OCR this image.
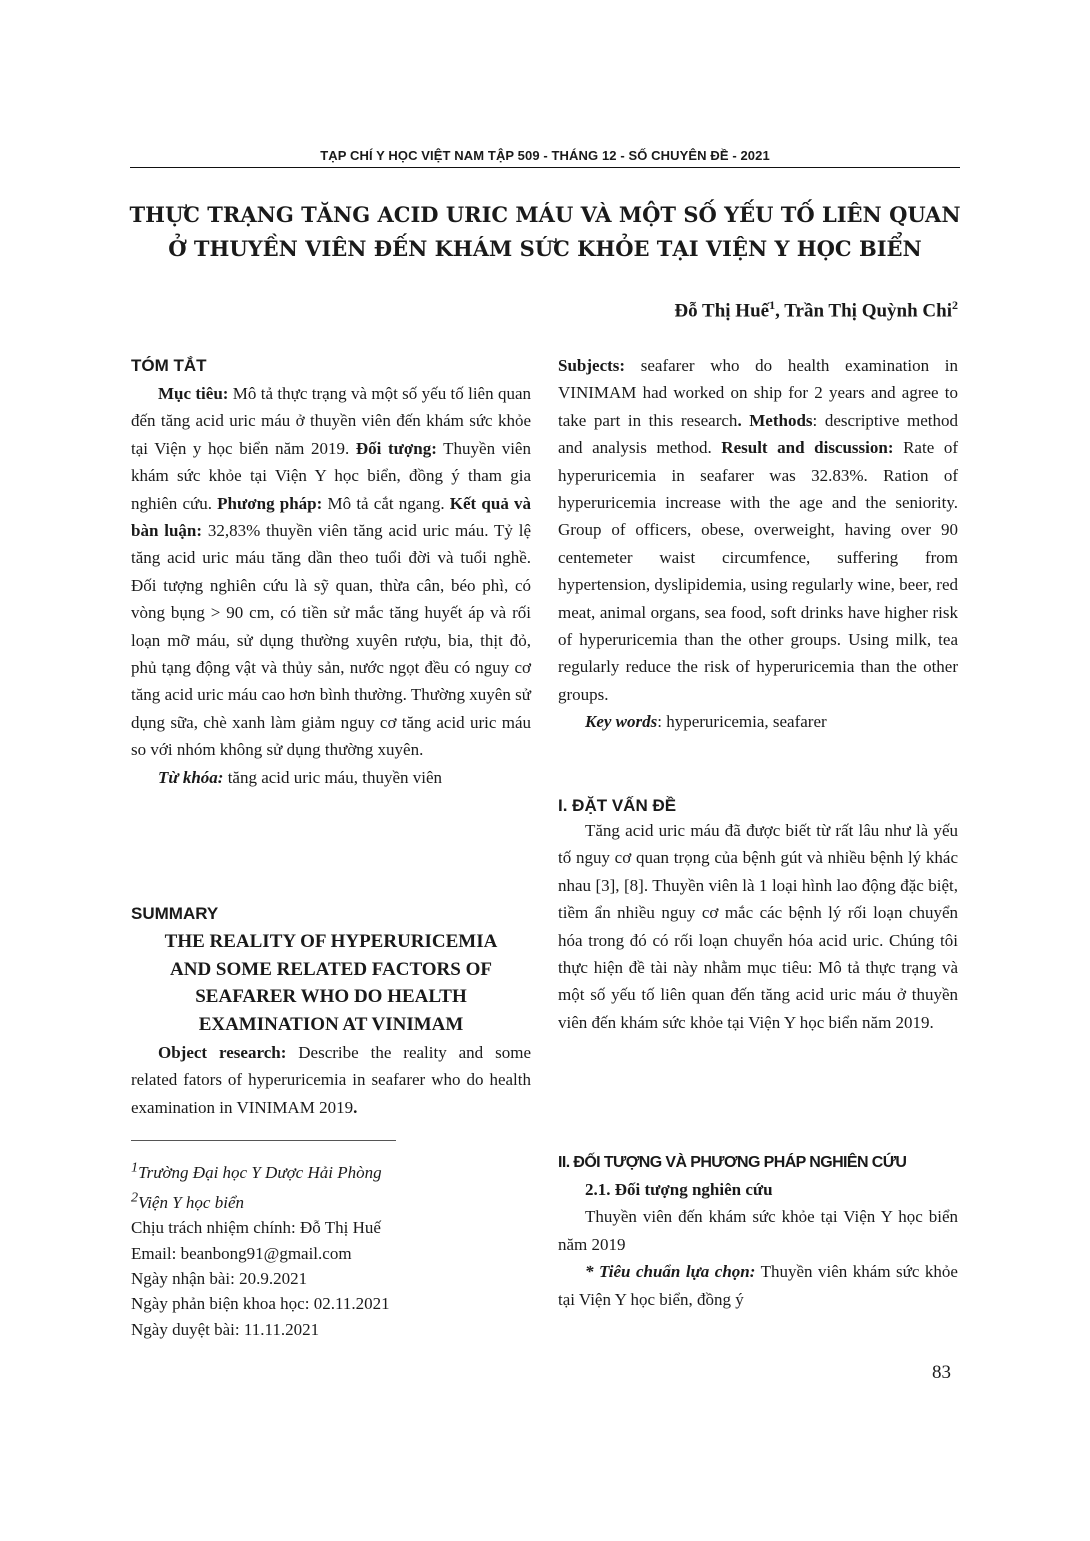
TẠP CHÍ Y HỌC VIỆT NAM TẬP 509 - THÁNG 12 - SỐ CHUYÊN ĐỀ - 2021
THỰC TRẠNG TĂNG ACID URIC MÁU VÀ MỘT SỐ YẾU TỐ LIÊN QUAN
Ở THUYỀN VIÊN ĐẾN KHÁM SỨC KHỎE TẠI VIỆN Y HỌC BIỂN
Đỗ Thị Huế$^1$, Trần Thị Quỳnh Chi$^2$
TÓM TẮT

Mục tiêu: Mô tả thực trạng và một số yếu tố liên quan đến tăng acid uric máu ở thuyền viên đến khám sức khỏe tại Viện y học biển năm 2019. Đối tượng: Thuyền viên khám sức khỏe tại Viện Y học biển, đồng ý tham gia nghiên cứu. Phương pháp: Mô tả cắt ngang. Kết quả và bàn luận: 32,83% thuyền viên tăng acid uric máu. Tỷ lệ tăng acid uric máu tăng dần theo tuổi đời và tuổi nghề. Đối tượng nghiên cứu là sỹ quan, thừa cân, béo phì, có vòng bụng > 90 cm, có tiền sử mắc tăng huyết áp và rối loạn mỡ máu, sử dụng thường xuyên rượu, bia, thịt đỏ, phủ tạng động vật và thủy sản, nước ngọt đều có nguy cơ tăng acid uric máu cao hơn bình thường. Thường xuyên sử dụng sữa, chè xanh làm giảm nguy cơ tăng acid uric máu so với nhóm không sử dụng thường xuyên.

Từ khóa: tăng acid uric máu, thuyền viên

SUMMARY
THE REALITY OF HYPERURICEMIA
AND SOME RELATED FACTORS OF
SEAFARER WHO DO HEALTH
EXAMINATION AT VINIMAM

Object research: Describe the reality and some related fators of hyperuricemia in seafarer who do health examination in VINIMAM 2019.

$^1$Trường Đại học Y Dược Hải Phòng
$^2$Viện Y học biển
Chịu trách nhiệm chính: Đỗ Thị Huế
Email: beanbong91@gmail.com
Ngày nhận bài: 20.9.2021
Ngày phản biện khoa học: 02.11.2021
Ngày duyệt bài: 11.11.2021

Subjects: seafarer who do health examination in VINIMAM had worked on ship for 2 years and agree to take part in this research. Methods: descriptive method and analysis method. Result and discussion: Rate of hyperuricemia in seafarer was 32.83%. Ration of hyperuricemia increase with the age and the seniority. Group of officers, obese, overweight, having over 90 centemeter waist circumfence, suffering from hypertension, dyslipidemia, using regularly wine, beer, red meat, animal organs, sea food, soft drinks have higher risk of hyperuricemia than the other groups. Using milk, tea regularly reduce the risk of hyperuricemia than the other groups.

Key words: hyperuricemia, seafarer

I. ĐẶT VẤN ĐỀ

Tăng acid uric máu đã được biết từ rất lâu như là yếu tố nguy cơ quan trọng của bệnh gút và nhiều bệnh lý khác nhau [3], [8]. Thuyền viên là 1 loại hình lao động đặc biệt, tiềm ẩn nhiều nguy cơ mắc các bệnh lý rối loạn chuyển hóa trong đó có rối loạn chuyển hóa acid uric. Chúng tôi thực hiện đề tài này nhằm mục tiêu: Mô tả thực trạng và một số yếu tố liên quan đến tăng acid uric máu ở thuyền viên đến khám sức khỏe tại Viện Y học biển năm 2019.

II. ĐỐI TƯỢNG VÀ PHƯƠNG PHÁP NGHIÊN CỨU

2.1. Đối tượng nghiên cứu

Thuyền viên đến khám sức khỏe tại Viện Y học biển năm 2019

* Tiêu chuẩn lựa chọn: Thuyền viên khám sức khỏe tại Viện Y học biển, đồng ý

83
